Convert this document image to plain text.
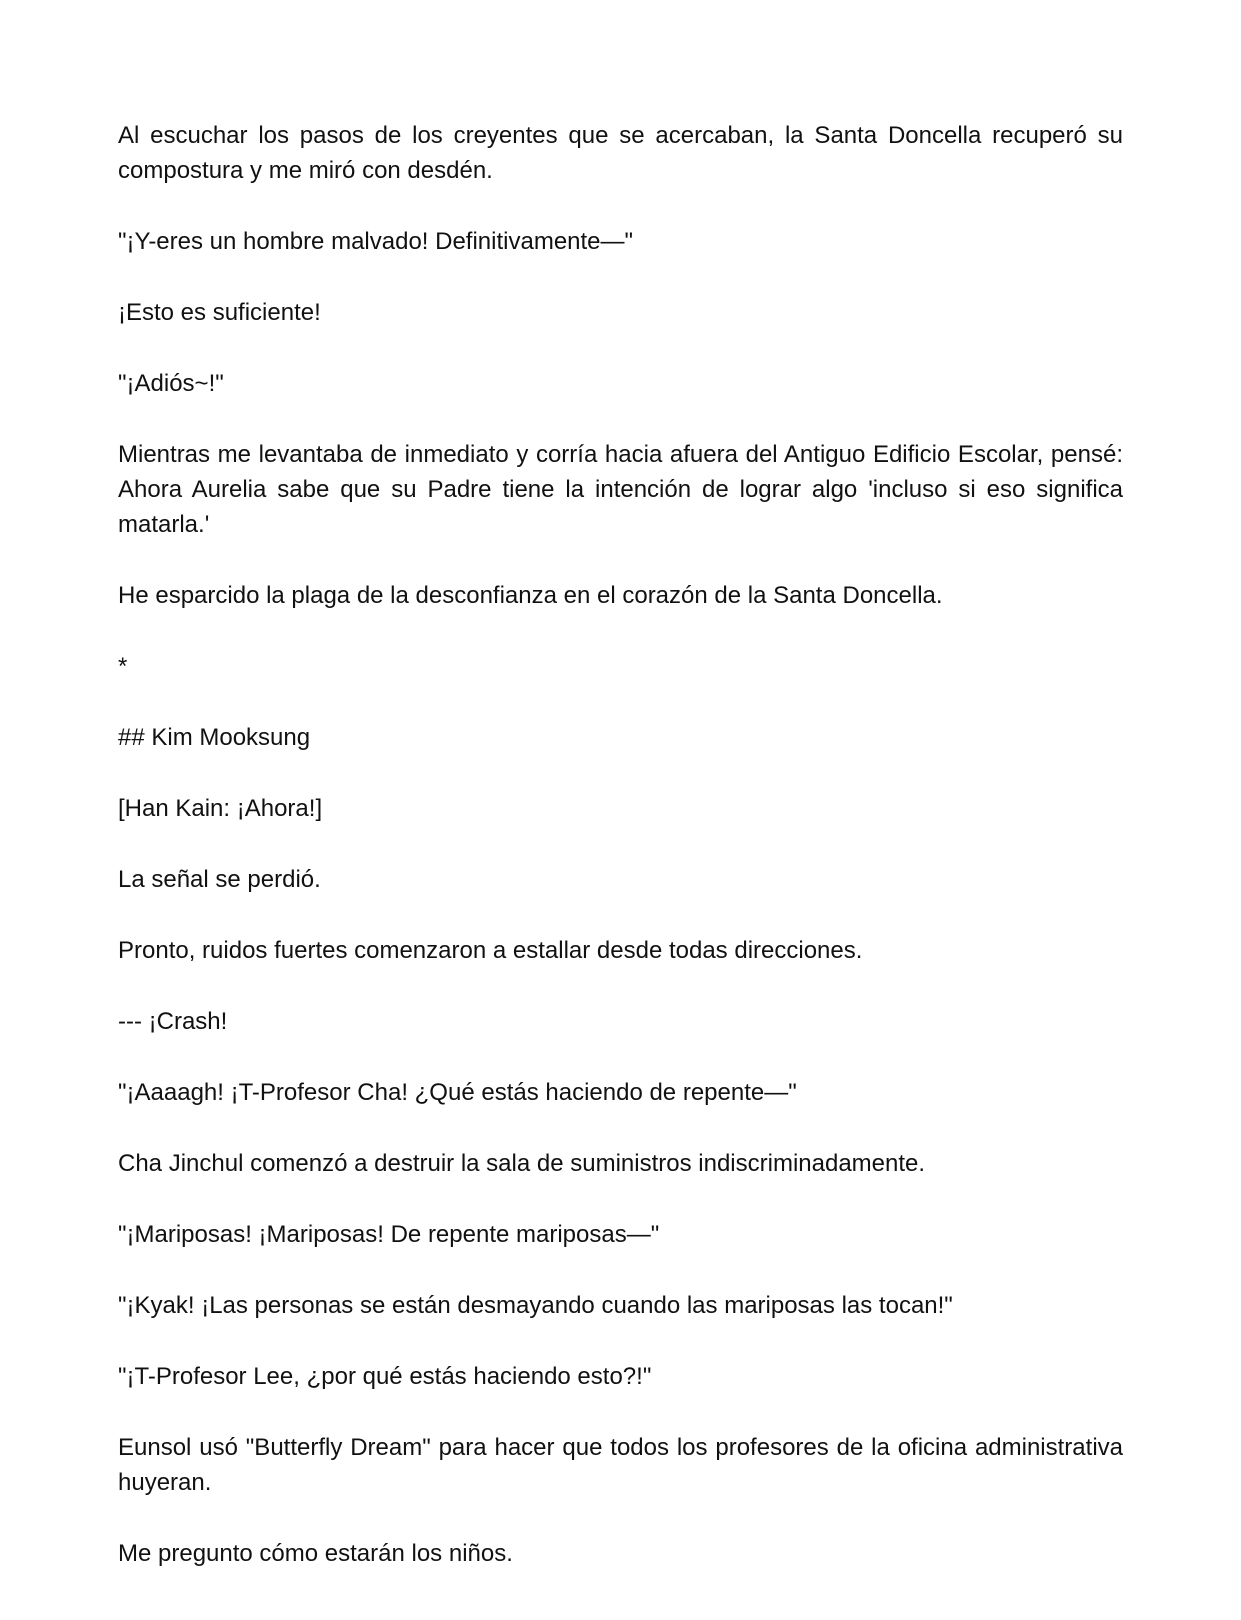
Al escuchar los pasos de los creyentes que se acercaban, la Santa Doncella recuperó su compostura y me miró con desdén.

"¡Y-eres un hombre malvado! Definitivamente—"

¡Esto es suficiente!

"¡Adiós~!"

Mientras me levantaba de inmediato y corría hacia afuera del Antiguo Edificio Escolar, pensé: Ahora Aurelia sabe que su Padre tiene la intención de lograr algo 'incluso si eso significa matarla.'

He esparcido la plaga de la desconfianza en el corazón de la Santa Doncella.

*

## Kim Mooksung

[Han Kain: ¡Ahora!]

La señal se perdió.

Pronto, ruidos fuertes comenzaron a estallar desde todas direcciones.

--- ¡Crash!

"¡Aaaagh! ¡T-Profesor Cha! ¿Qué estás haciendo de repente—"

Cha Jinchul comenzó a destruir la sala de suministros indiscriminadamente.

"¡Mariposas! ¡Mariposas! De repente mariposas—"

"¡Kyak! ¡Las personas se están desmayando cuando las mariposas las tocan!"

"¡T-Profesor Lee, ¿por qué estás haciendo esto?!"

Eunsol usó "Butterfly Dream" para hacer que todos los profesores de la oficina administrativa huyeran.

Me pregunto cómo estarán los niños.
